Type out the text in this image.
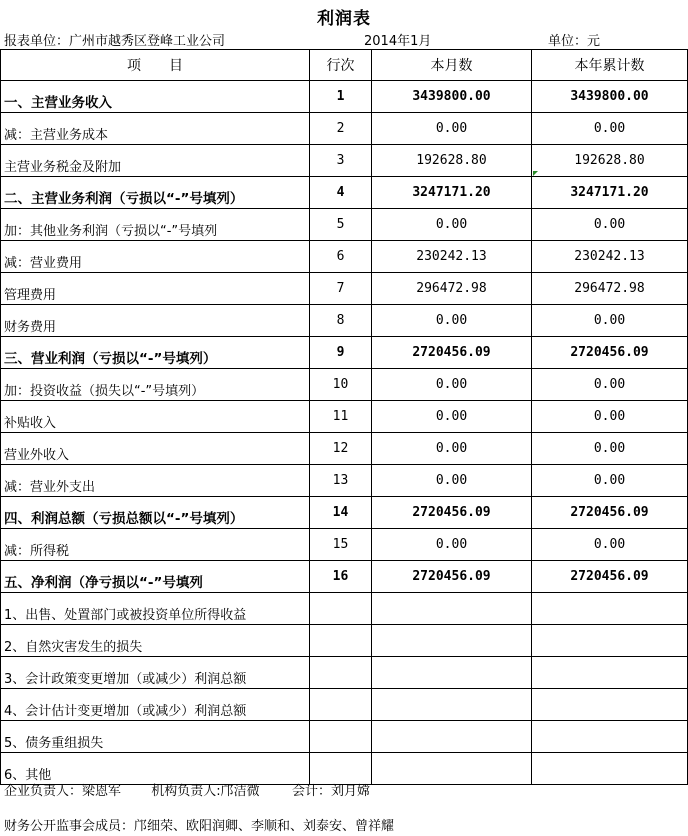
利润表
报表单位：广州市越秀区登峰工业公司	2014年1月	单位：元
项　　目	行次	本月数	本年累计数
一、主营业务收入	1	3439800.00	3439800.00
减：主营业务成本	2	0.00	0.00
主营业务税金及附加	3	192628.80	192628.80
二、主营业务利润（亏损以“-”号填列）	4	3247171.20	3247171.20
加：其他业务利润（亏损以“-”号填列	5	0.00	0.00
减：营业费用	6	230242.13	230242.13
管理费用	7	296472.98	296472.98
财务费用	8	0.00	0.00
三、营业利润（亏损以“-”号填列）	9	2720456.09	2720456.09
加：投资收益（损失以“-”号填列）	10	0.00	0.00
补贴收入	11	0.00	0.00
营业外收入	12	0.00	0.00
减：营业外支出	13	0.00	0.00
四、利润总额（亏损总额以“-”号填列）	14	2720456.09	2720456.09
减：所得税	15	0.00	0.00
五、净利润（净亏损以“-”号填列	16	2720456.09	2720456.09
1、出售、处置部门或被投资单位所得收益			
2、自然灾害发生的损失			
3、会计政策变更增加（或减少）利润总额			
4、会计估计变更增加（或减少）利润总额			
5、债务重组损失			
6、其他			
企业负责人：梁恩军 机构负责人:邝洁微 会计：刘月嫦
财务公开监事会成员：邝细荣、欧阳润卿、李顺和、刘泰安、曾祥耀
